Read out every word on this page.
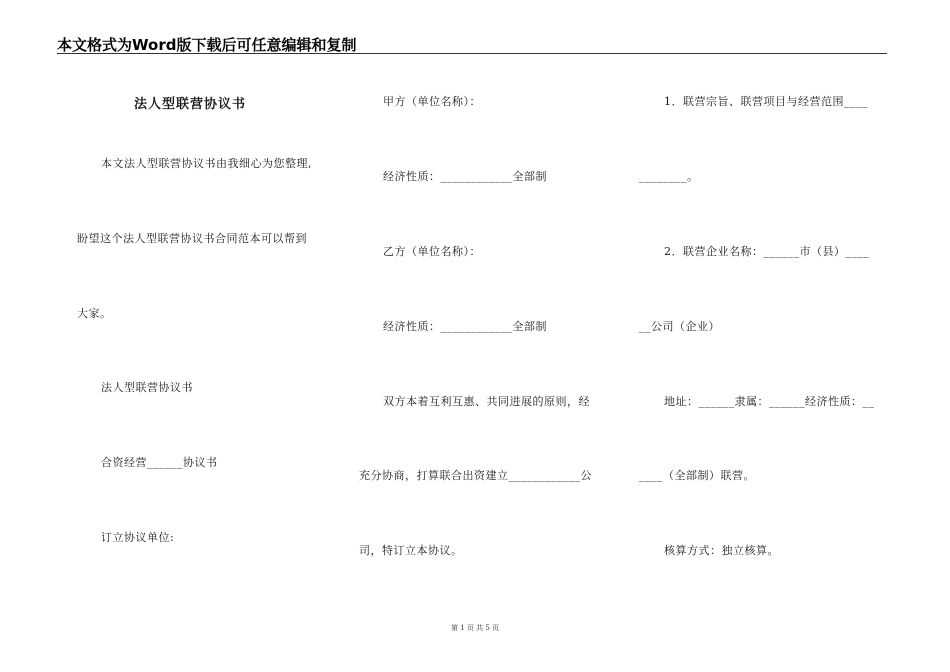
本文格式为Word版下载后可任意编辑和复制
法人型联营协议书
本文法人型联营协议书由我细心为您整理,
盼望这个法人型联营协议书合同范本可以帮到
大家。
法人型联营协议书
合资经营______协议书
订立协议单位:
甲方（单位名称）：
经济性质：____________全部制
乙方（单位名称）：
经济性质：____________全部制
双方本着互利互惠、共同进展的原则，经
充分协商，打算联合出资建立____________公
司，特订立本协议。
1．联营宗旨、联营项目与经营范围____
________。
2．联营企业名称：______市（县）____
__公司（企业）
地址：______隶属：______经济性质：__
____（全部制）联营。
核算方式：独立核算。
第 1 页 共 5 页
